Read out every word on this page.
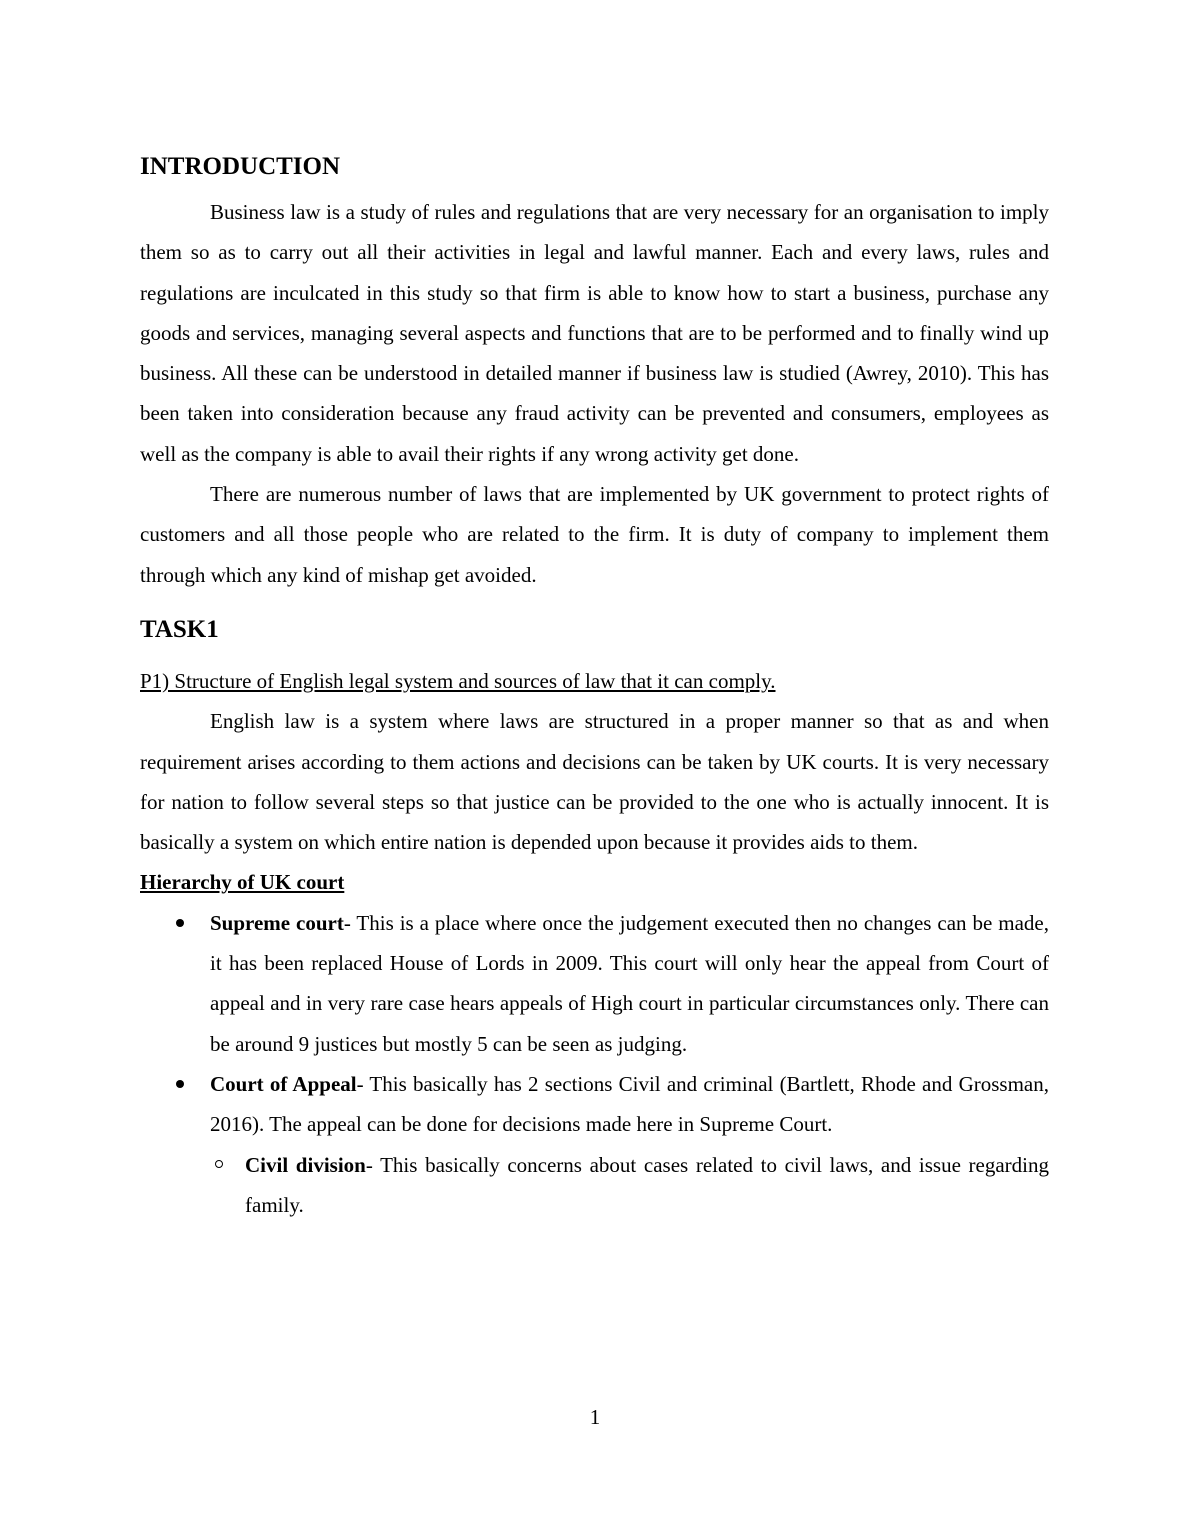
INTRODUCTION

Business law is a study of rules and regulations that are very necessary for an organisation to imply them so as to carry out all their activities in legal and lawful manner. Each and every laws, rules and regulations are inculcated in this study so that firm is able to know how to start a business, purchase any goods and services, managing several aspects and functions that are to be performed and to finally wind up business. All these can be understood in detailed manner if business law is studied (Awrey, 2010). This has been taken into consideration because any fraud activity can be prevented and consumers, employees as well as the company is able to avail their rights if any wrong activity get done.

There are numerous number of laws that are implemented by UK government to protect rights of customers and all those people who are related to the firm. It is duty of company to implement them through which any kind of mishap get avoided.

TASK1

P1) Structure of English legal system and sources of law that it can comply.

English law is a system where laws are structured in a proper manner so that as and when requirement arises according to them actions and decisions can be taken by UK courts. It is very necessary for nation to follow several steps so that justice can be provided to the one who is actually innocent. It is basically a system on which entire nation is depended upon because it provides aids to them.

Hierarchy of UK court

Supreme court- This is a place where once the judgement executed then no changes can be made, it has been replaced House of Lords in 2009. This court will only hear the appeal from Court of appeal and in very rare case hears appeals of High court in particular circumstances only. There can be around 9 justices but mostly 5 can be seen as judging.
Court of Appeal- This basically has 2 sections Civil and criminal (Bartlett, Rhode and Grossman, 2016). The appeal can be done for decisions made here in Supreme Court.
Civil division- This basically concerns about cases related to civil laws, and issue regarding family.
1
